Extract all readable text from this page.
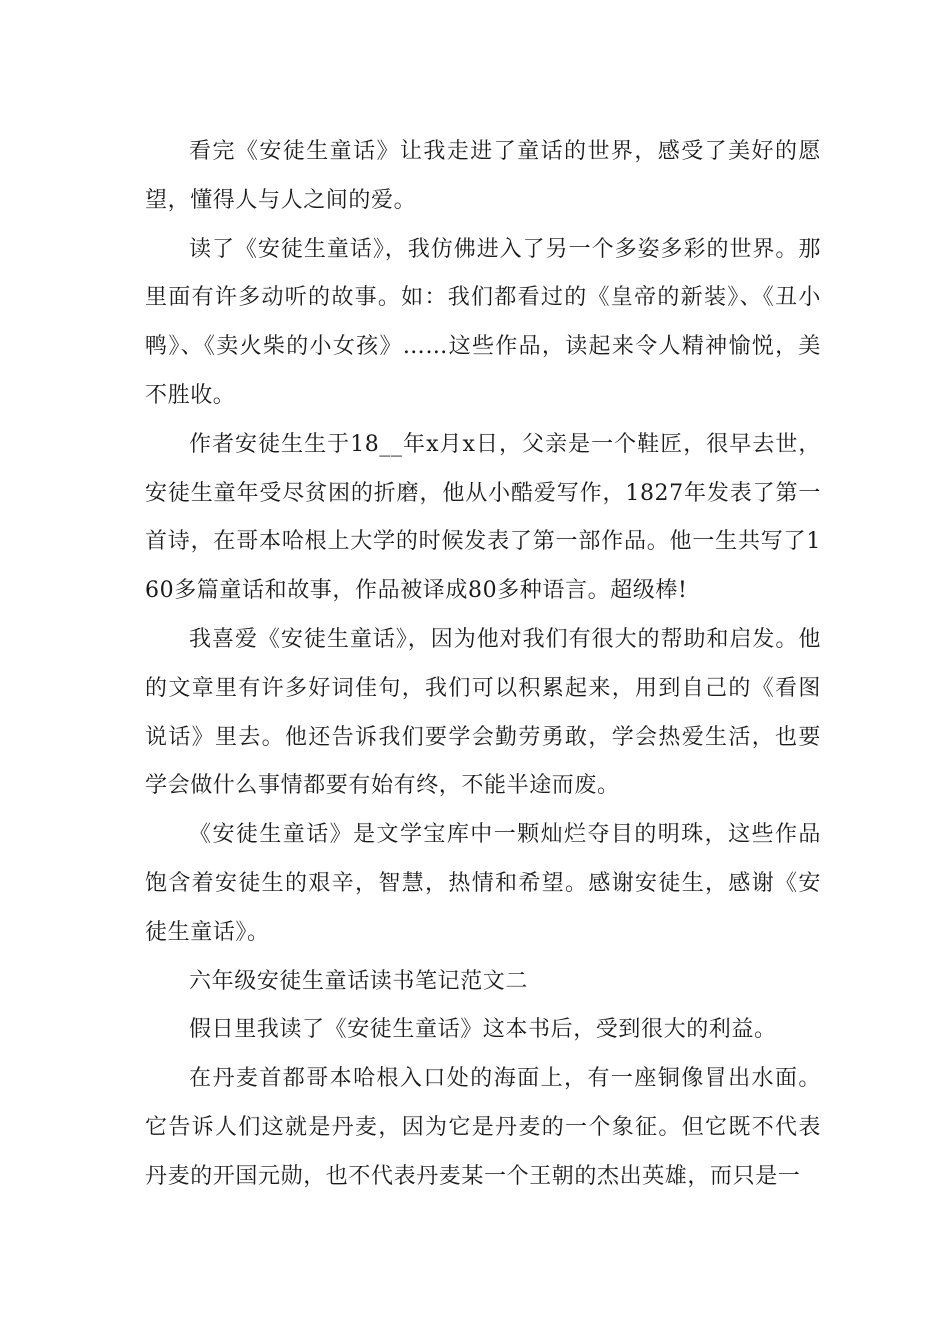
看完《安徒生童话》让我走进了童话的世界，感受了美好的愿望，懂得人与人之间的爱。

读了《安徒生童话》，我仿佛进入了另一个多姿多彩的世界。那里面有许多动听的故事。如：我们都看过的《皇帝的新装》、《丑小鸭》、《卖火柴的小女孩》……这些作品，读起来令人精神愉悦，美不胜收。

作者安徒生生于18__年x月x日，父亲是一个鞋匠，很早去世，安徒生童年受尽贫困的折磨，他从小酷爱写作，1827年发表了第一首诗，在哥本哈根上大学的时候发表了第一部作品。他一生共写了160多篇童话和故事，作品被译成80多种语言。超级棒!

我喜爱《安徒生童话》，因为他对我们有很大的帮助和启发。他的文章里有许多好词佳句，我们可以积累起来，用到自己的《看图说话》里去。他还告诉我们要学会勤劳勇敢，学会热爱生活，也要学会做什么事情都要有始有终，不能半途而废。

《安徒生童话》是文学宝库中一颗灿烂夺目的明珠，这些作品饱含着安徒生的艰辛，智慧，热情和希望。感谢安徒生，感谢《安徒生童话》。

六年级安徒生童话读书笔记范文二

假日里我读了《安徒生童话》这本书后，受到很大的利益。

在丹麦首都哥本哈根入口处的海面上，有一座铜像冒出水面。它告诉人们这就是丹麦，因为它是丹麦的一个象征。但它既不代表丹麦的开国元勋，也不代表丹麦某一个王朝的杰出英雄，而只是一
